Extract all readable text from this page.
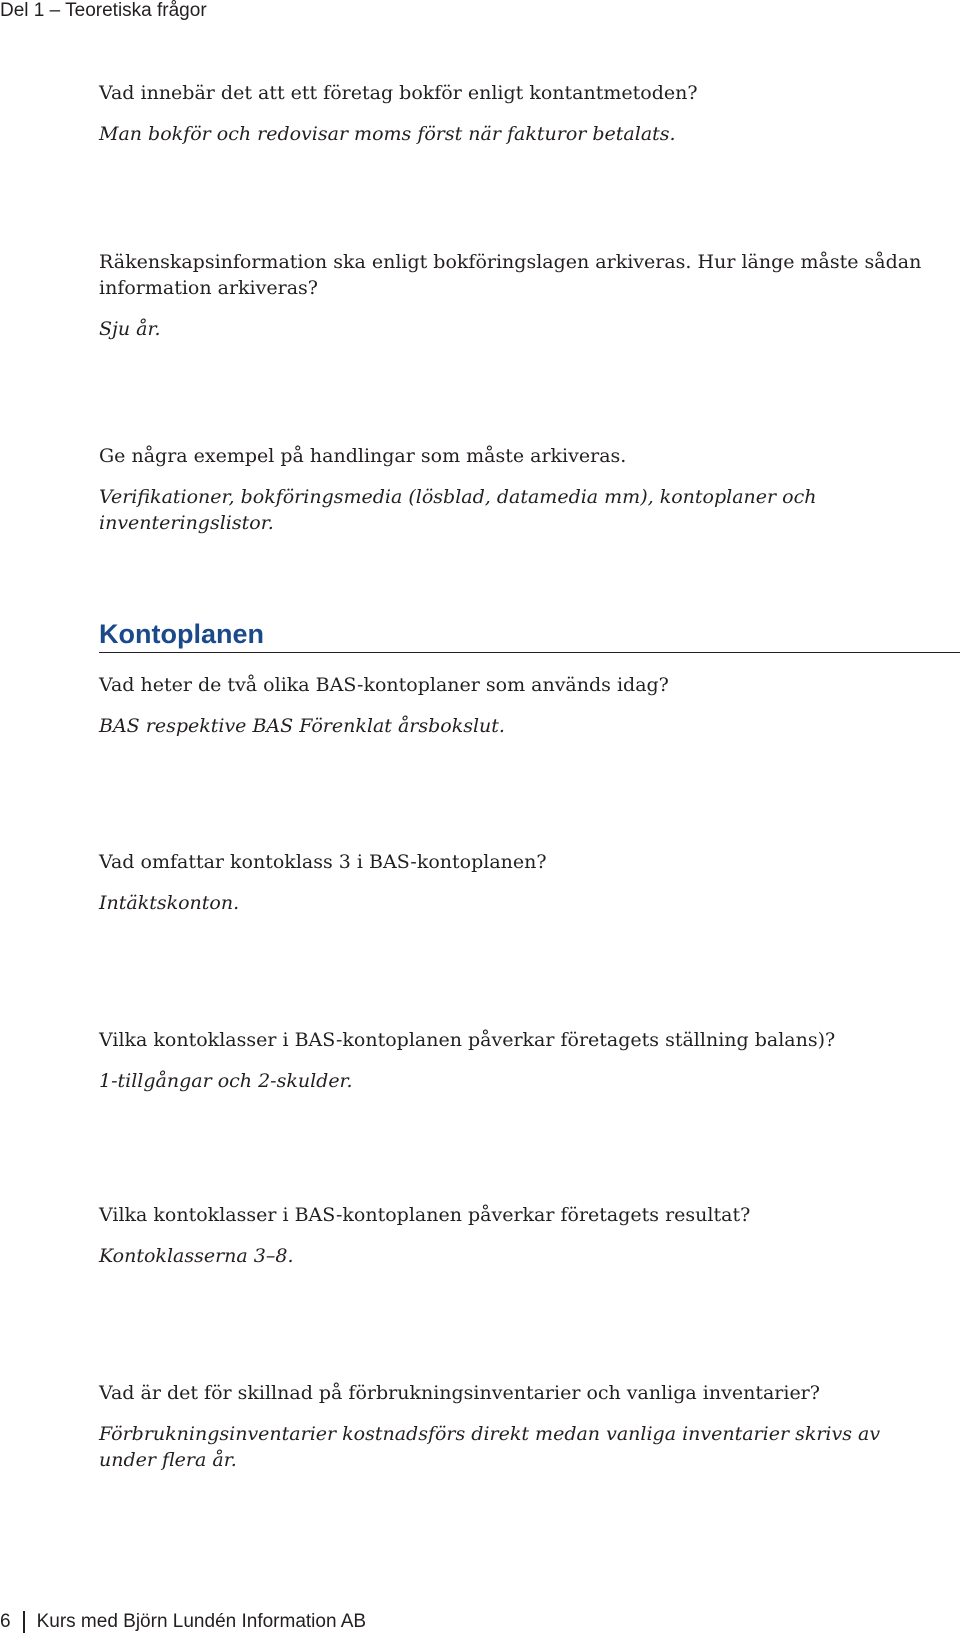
Del 1 – Teoretiska frågor

Vad innebär det att ett företag bokför enligt kontantmetoden?

Man bokför och redovisar moms först när fakturor betalats.

Räkenskapsinformation ska enligt bokföringslagen arkiveras. Hur länge måste sådan information arkiveras?

Sju år.

Ge några exempel på handlingar som måste arkiveras.

Verifikationer, bokföringsmedia (lösblad, datamedia mm), kontoplaner och inventeringslistor.

Kontoplanen

Vad heter de två olika BAS-kontoplaner som används idag?

BAS respektive BAS Förenklat årsbokslut.

Vad omfattar kontoklass 3 i BAS-kontoplanen?

Intäktskonton.

Vilka kontoklasser i BAS-kontoplanen påverkar företagets ställning balans)?

1-tillgångar och 2-skulder.

Vilka kontoklasser i BAS-kontoplanen påverkar företagets resultat?

Kontoklasserna 3–8.

Vad är det för skillnad på förbrukningsinventarier och vanliga inventarier?

Förbrukningsinventarier kostnadsförs direkt medan vanliga inventarier skrivs av under flera år.

6 Kurs med Björn Lundén Information AB
